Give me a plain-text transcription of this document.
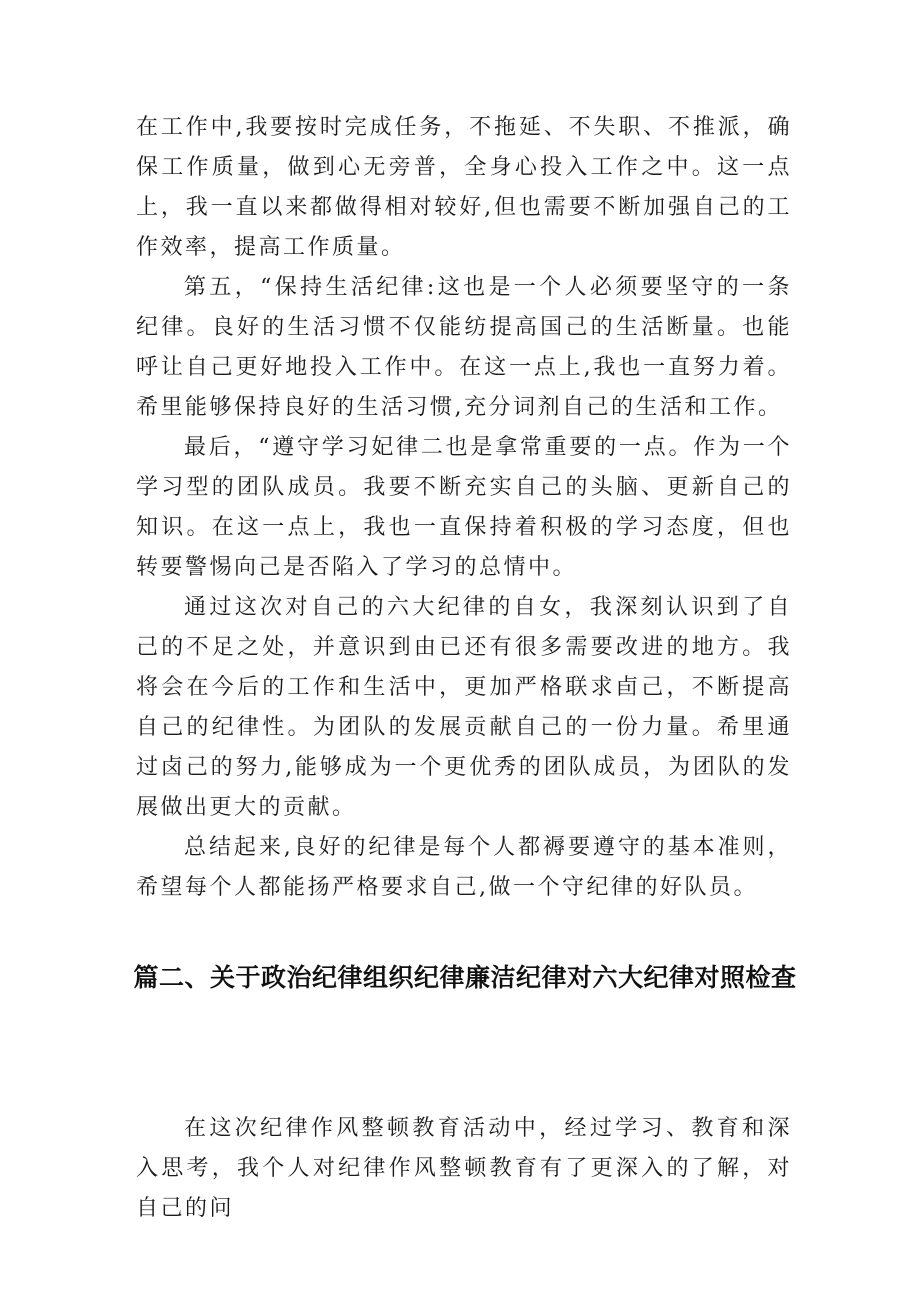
在工作中,我要按时完成任务，不拖延、不失职、不推派，确保工作质量，做到心无旁普，全身心投入工作之中。这一点上，我一直以来都做得相对较好,但也需要不断加强自己的工作效率，提高工作质量。

第五，“保持生活纪律:这也是一个人必须要坚守的一条纪律。良好的生活习惯不仅能纺提高国己的生活断量。也能呼让自己更好地投入工作中。在这一点上,我也一直努力着。希里能够保持良好的生活习惯,充分词剂自己的生活和工作。

最后，“遵守学习妃律二也是拿常重要的一点。作为一个学习型的团队成员。我要不断充实自己的头脑、更新自己的知识。在这一点上，我也一直保持着积极的学习态度，但也转要警惕向己是否陷入了学习的总情中。

通过这次对自己的六大纪律的自女，我深刻认识到了自己的不足之处，并意识到由已还有很多需要改进的地方。我将会在今后的工作和生活中，更加严格联求卣己，不断提高自己的纪律性。为团队的发展贡献自己的一份力量。希里通过卤己的努力,能够成为一个更优秀的团队成员，为团队的发展做出更大的贡献。

总结起来,良好的纪律是每个人都褥要遵守的基本准则，希望每个人都能扬严格要求自己,做一个守纪律的好队员。

篇二、关于政治纪律组织纪律廉洁纪律对六大纪律对照检查

在这次纪律作风整顿教育活动中，经过学习、教育和深入思考，我个人对纪律作风整顿教育有了更深入的了解，对自己的问
